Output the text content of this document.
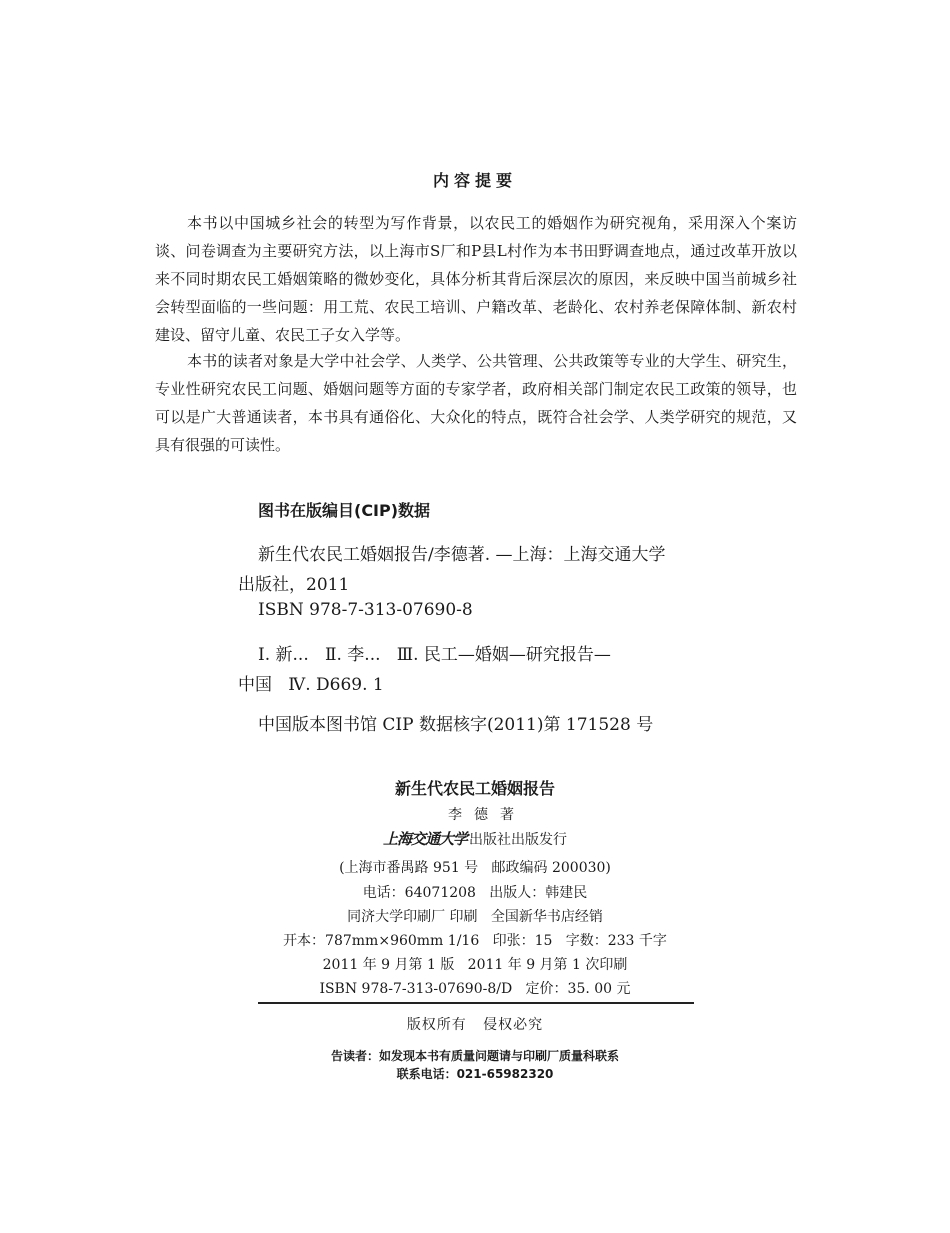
内容提要

本书以中国城乡社会的转型为写作背景，以农民工的婚姻作为研究视角，采用深入个案访谈、问卷调查为主要研究方法，以上海市S厂和P县L村作为本书田野调查地点，通过改革开放以来不同时期农民工婚姻策略的微妙变化，具体分析其背后深层次的原因，来反映中国当前城乡社会转型面临的一些问题：用工荒、农民工培训、户籍改革、老龄化、农村养老保障体制、新农村建设、留守儿童、农民工子女入学等。

本书的读者对象是大学中社会学、人类学、公共管理、公共政策等专业的大学生、研究生，专业性研究农民工问题、婚姻问题等方面的专家学者，政府相关部门制定农民工政策的领导，也可以是广大普通读者，本书具有通俗化、大众化的特点，既符合社会学、人类学研究的规范，又具有很强的可读性。

图书在版编目(CIP)数据
新生代农民工婚姻报告/李德著. —上海：上海交通大学
出版社，2011
ISBN 978-7-313-07690-8
Ⅰ. 新...   Ⅱ. 李...   Ⅲ. 民工—婚姻—研究报告—
中国   Ⅳ. D669. 1
中国版本图书馆 CIP 数据核字(2011)第 171528 号
新生代农民工婚姻报告
李德著
上海交通大学 出版社出版发行
(上海市番禺路 951 号   邮政编码 200030)
电话：64071208   出版人：韩建民
同济大学印刷厂 印刷   全国新华书店经销
开本：787mm×960mm 1/16   印张：15   字数：233 千字
2011 年 9 月第 1 版   2011 年 9 月第 1 次印刷
ISBN 978-7-313-07690-8/D   定价：35. 00 元
版权所有   侵权必究
告读者：如发现本书有质量问题请与印刷厂质量科联系
联系电话：021-65982320
